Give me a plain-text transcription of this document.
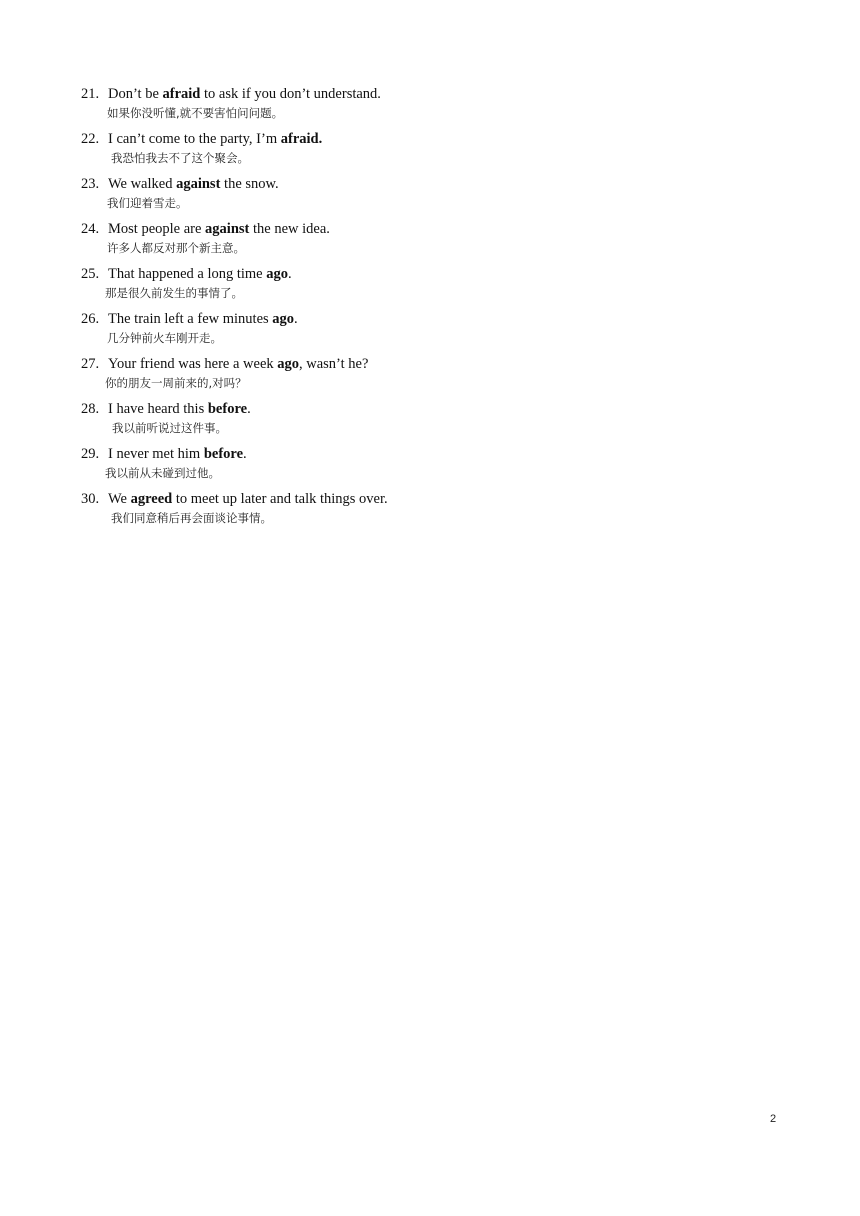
21. Don’t be afraid to ask if you don’t understand.
如果你没听懂,就不要害怕问问题。
22. I can’t come to the party, I’m afraid.
我恐怕我去不了这个聚会。
23. We walked against the snow.
我们迎着雪走。
24. Most people are against the new idea.
许多人都反对那个新主意。
25. That happened a long time ago.
那是很久前发生的事情了。
26. The train left a few minutes ago.
几分钟前火车刚开走。
27. Your friend was here a week ago, wasn’t he?
你的朋友一周前来的,对吗？
28. I have heard this before.
我以前听说过这件事。
29. I never met him before.
我以前从未碰到过他。
30. We agreed to meet up later and talk things over.
我们同意稍后再会面谈论事情。
2
